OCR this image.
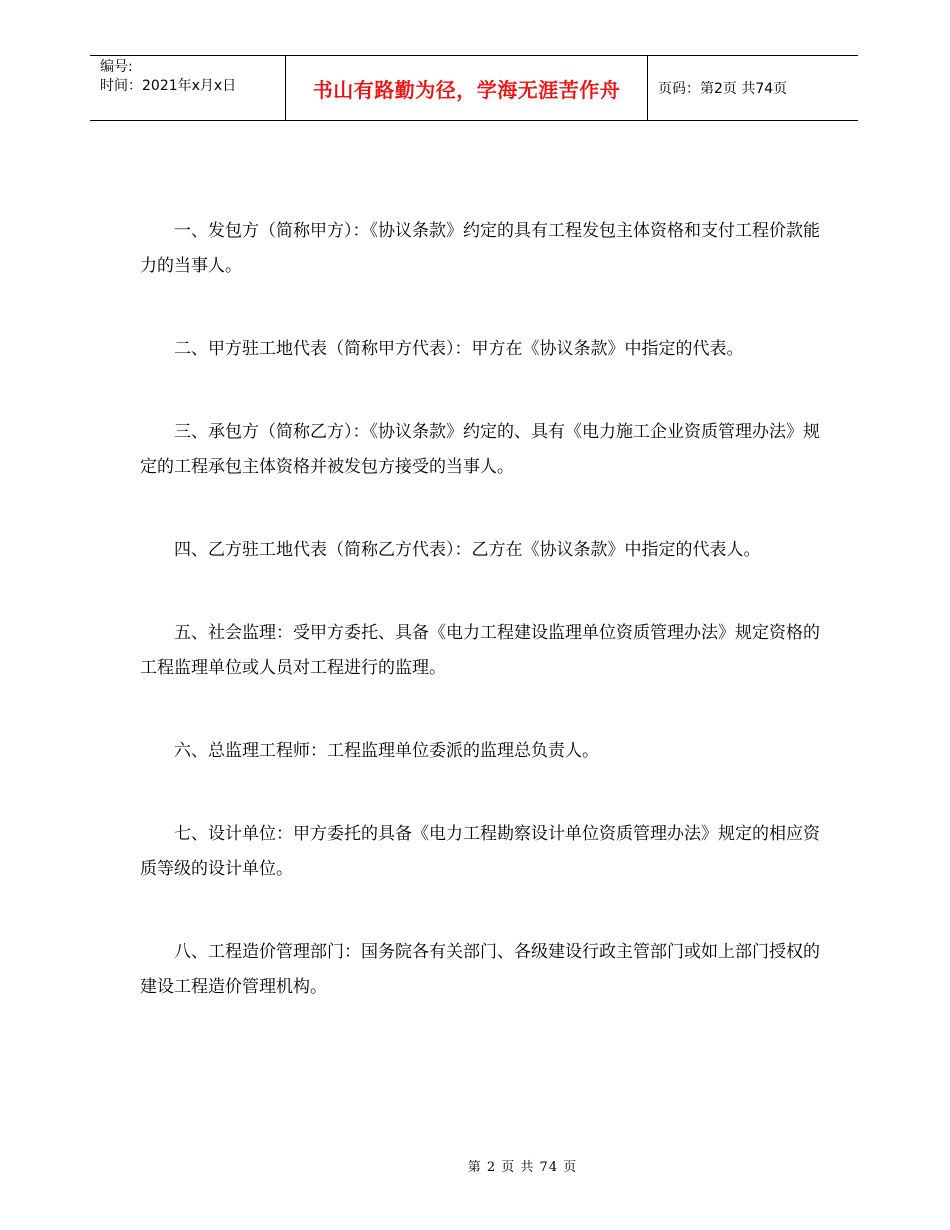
编号:
时间：2021年x月x日	书山有路勤为径，学海无涯苦作舟	页码：第2页 共74页

一、发包方（简称甲方）：《协议条款》约定的具有工程发包主体资格和支付工程价款能力的当事人。

二、甲方驻工地代表（简称甲方代表）：甲方在《协议条款》中指定的代表。

三、承包方（简称乙方）：《协议条款》约定的、具有《电力施工企业资质管理办法》规定的工程承包主体资格并被发包方接受的当事人。

四、乙方驻工地代表（简称乙方代表）：乙方在《协议条款》中指定的代表人。

五、社会监理：受甲方委托、具备《电力工程建设监理单位资质管理办法》规定资格的工程监理单位或人员对工程进行的监理。

六、总监理工程师：工程监理单位委派的监理总负责人。

七、设计单位：甲方委托的具备《电力工程勘察设计单位资质管理办法》规定的相应资质等级的设计单位。

八、工程造价管理部门：国务院各有关部门、各级建设行政主管部门或如上部门授权的建设工程造价管理机构。

第 2 页 共 74 页
